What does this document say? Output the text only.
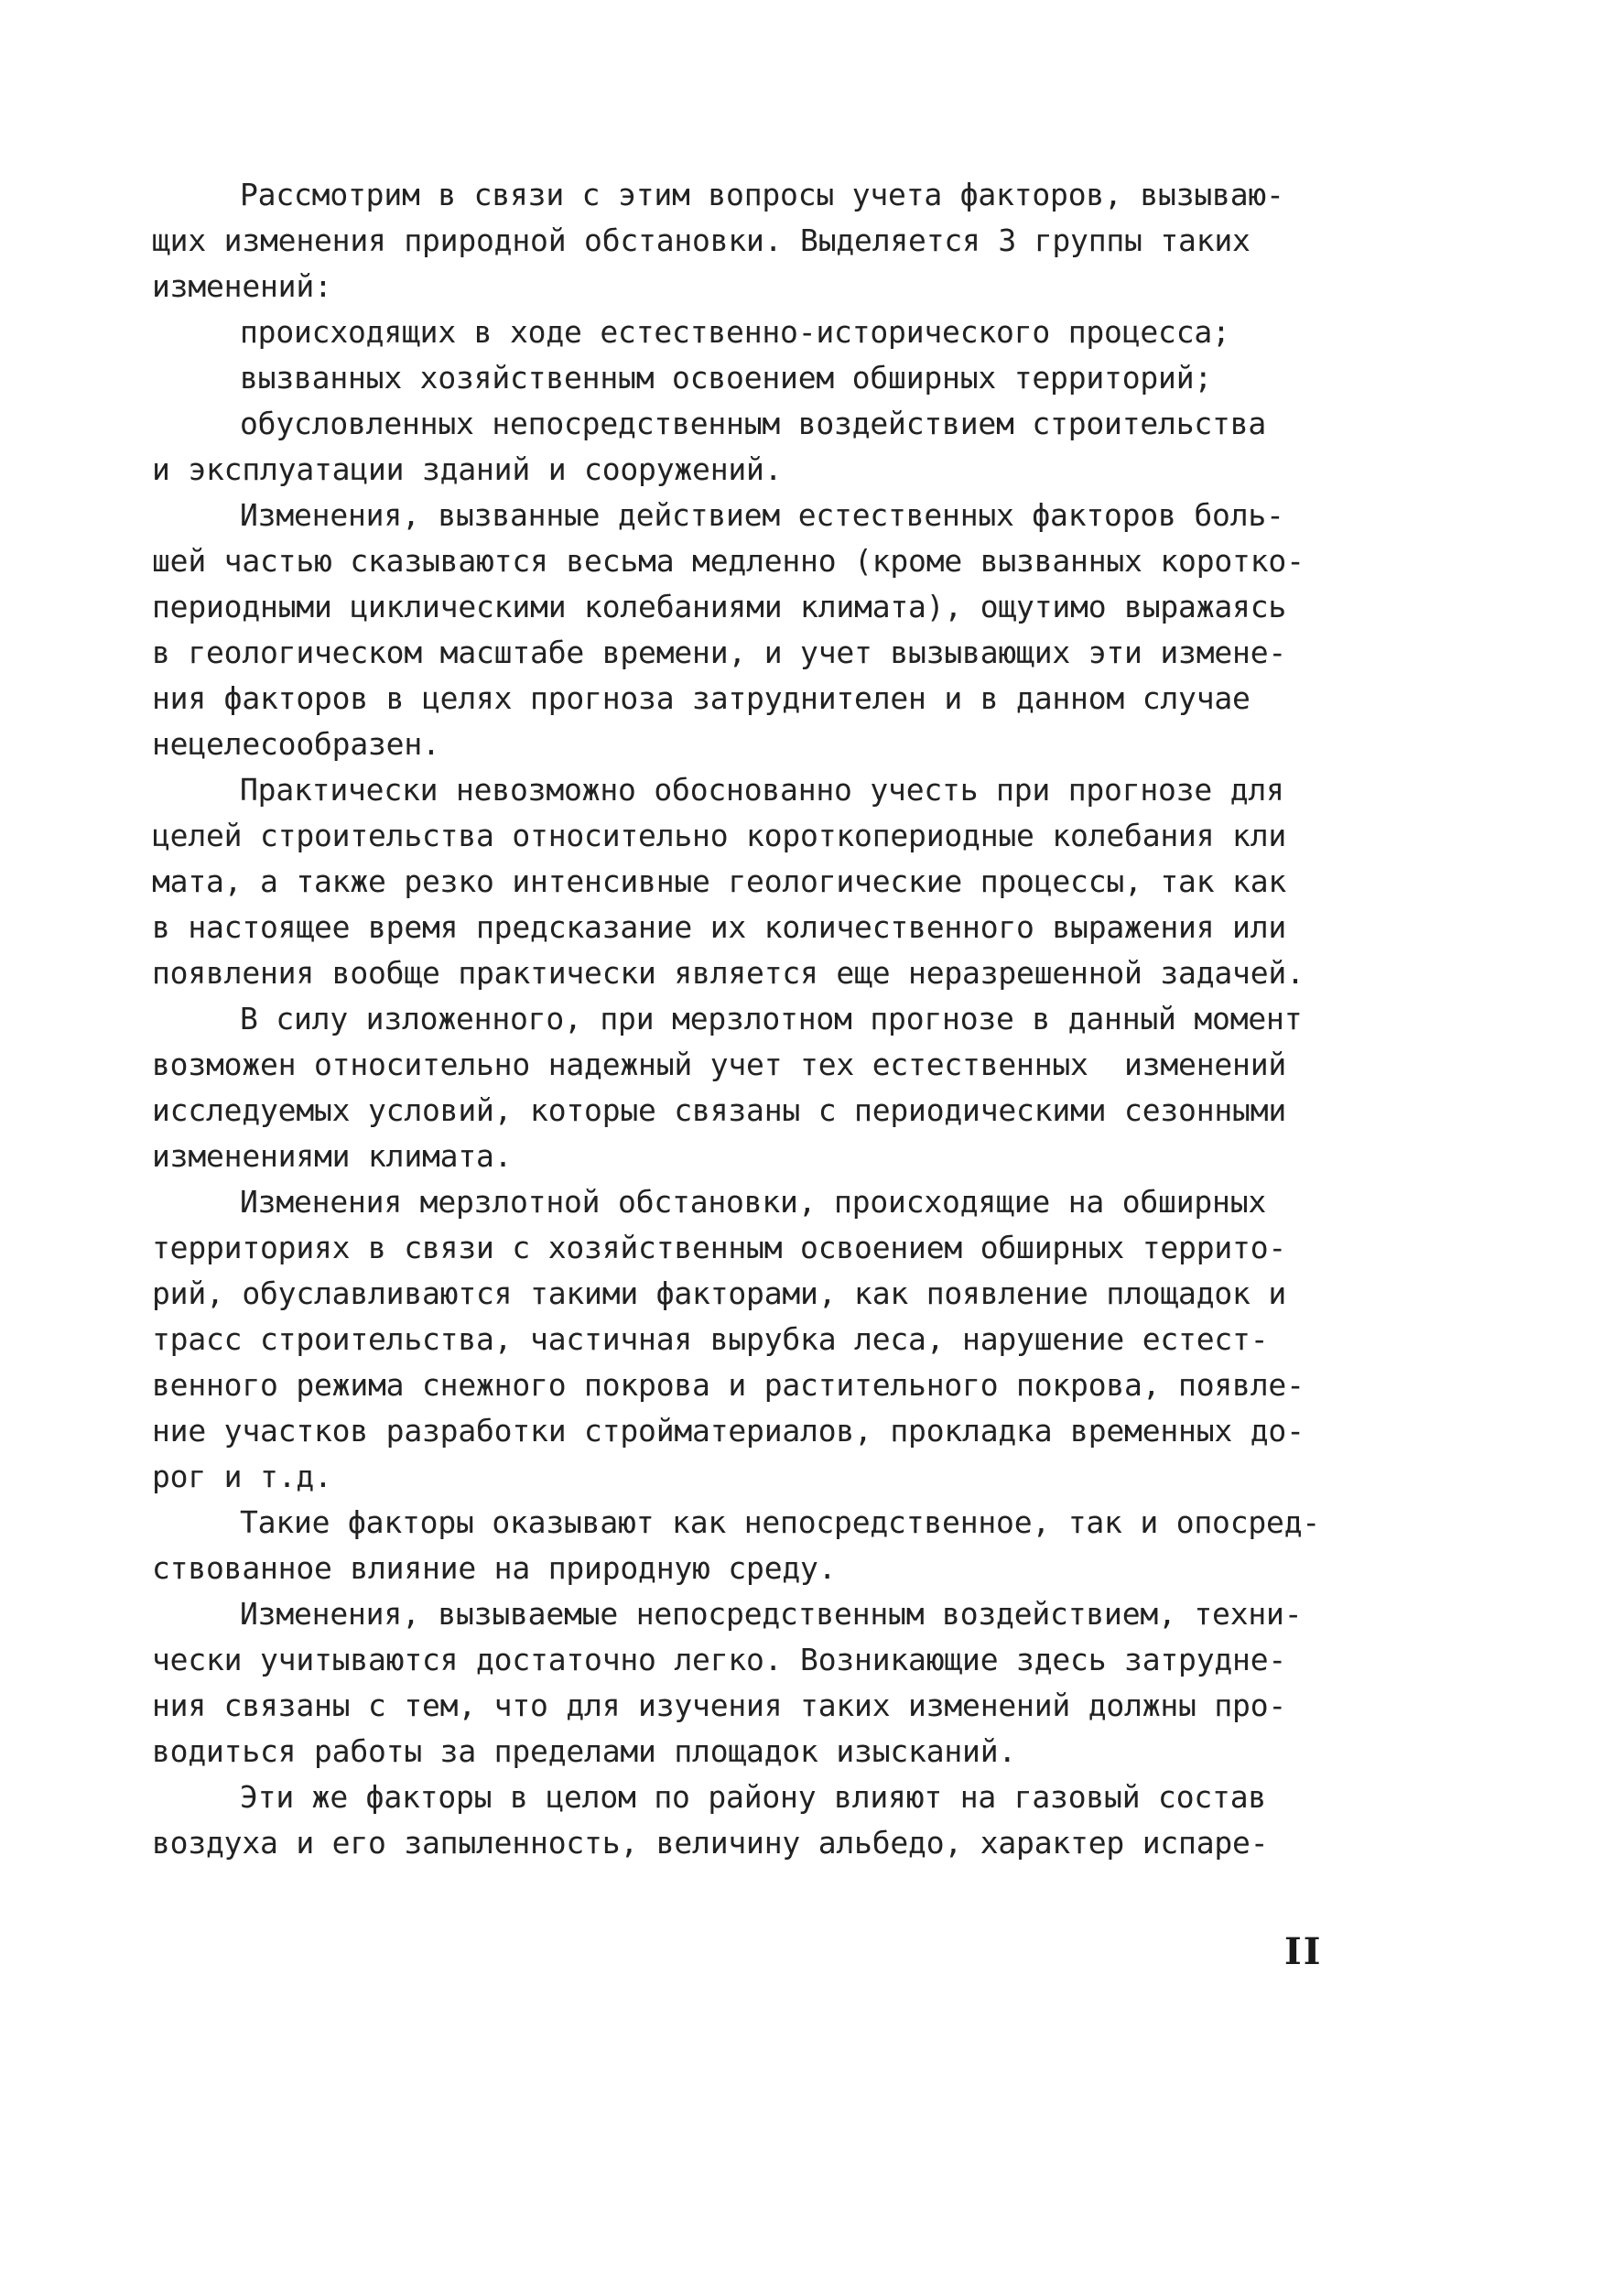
Рассмотрим в связи с этим вопросы учета факторов, вызываю-
щих изменения природной обстановки. Выделяется 3 группы таких
изменений:
происходящих в ходе естественно-исторического процесса;
вызванных хозяйственным освоением обширных территорий;
обусловленных непосредственным воздействием строительства
и эксплуатации зданий и сооружений.
Изменения, вызванные действием естественных факторов боль-
шей частью сказываются весьма медленно (кроме вызванных коротко-
периодными циклическими колебаниями климата), ощутимо выражаясь
в геологическом масштабе времени, и учет вызывающих эти измене-
ния факторов в целях прогноза затруднителен и в данном случае
нецелесообразен.
Практически невозможно обоснованно учесть при прогнозе для
целей строительства относительно короткопериодные колебания кли
мата, а также резко интенсивные геологические процессы, так как
в настоящее время предсказание их количественного выражения или
появления вообще практически является еще неразрешенной задачей.
В силу изложенного, при мерзлотном прогнозе в данный момент
возможен относительно надежный учет тех естественных  изменений
исследуемых условий, которые связаны с периодическими сезонными
изменениями климата.
Изменения мерзлотной обстановки, происходящие на обширных
территориях в связи с хозяйственным освоением обширных террито-
рий, обуславливаются такими факторами, как появление площадок и
трасс строительства, частичная вырубка леса, нарушение естест-
венного режима снежного покрова и растительного покрова, появле-
ние участков разработки стройматериалов, прокладка временных до-
рог и т.д.
Такие факторы оказывают как непосредственное, так и опосред-
ствованное влияние на природную среду.
Изменения, вызываемые непосредственным воздействием, техни-
чески учитываются достаточно легко. Возникающие здесь затрудне-
ния связаны с тем, что для изучения таких изменений должны про-
водиться работы за пределами площадок изысканий.
Эти же факторы в целом по району влияют на газовый состав
воздуха и его запыленность, величину альбедо, характер испаре-
II
